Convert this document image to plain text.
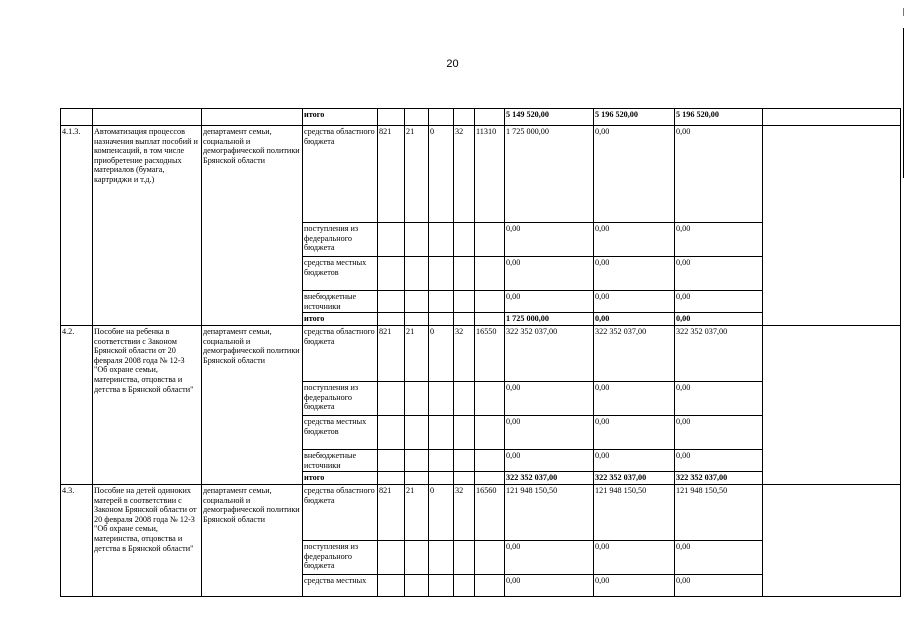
20
			итого						5 149 520,00	5 196 520,00	5 196 520,00	
4.1.3.	Автоматизация процессов назначения выплат пособий и компенсаций, в том числе приобретение расходных материалов (бумага, картриджи и т.д.)	департамент семьи, социальной и демографической политики Брянской области	средства областного бюджета	821	21	0	32	11310	1 725 000,00	0,00	0,00	
			поступления из федерального бюджета						0,00	0,00	0,00	
			средства местных бюджетов						0,00	0,00	0,00	
			внебюджетные источники						0,00	0,00	0,00	
			итого						1 725 000,00	0,00	0,00	
4.2.	Пособие на ребенка в соответствии с Законом Брянской области от 20 февраля 2008 года № 12-З "Об охране семьи, материнства, отцовства и детства в Брянской области"	департамент семьи, социальной и демографической политики Брянской области	средства областного бюджета	821	21	0	32	16550	322 352 037,00	322 352 037,00	322 352 037,00	
			поступления из федерального бюджета						0,00	0,00	0,00	
			средства местных бюджетов						0,00	0,00	0,00	
			внебюджетные источники						0,00	0,00	0,00	
			итого						322 352 037,00	322 352 037,00	322 352 037,00	
4.3.	Пособие на детей одиноких матерей в соответствии с Законом Брянской области от 20 февраля 2008 года № 12-З "Об охране семьи, материнства, отцовства и детства в Брянской области"	департамент семьи, социальной и демографической политики Брянской области	средства областного бюджета	821	21	0	32	16560	121 948 150,50	121 948 150,50	121 948 150,50	
			поступления из федерального бюджета						0,00	0,00	0,00	
			средства местных						0,00	0,00	0,00	
